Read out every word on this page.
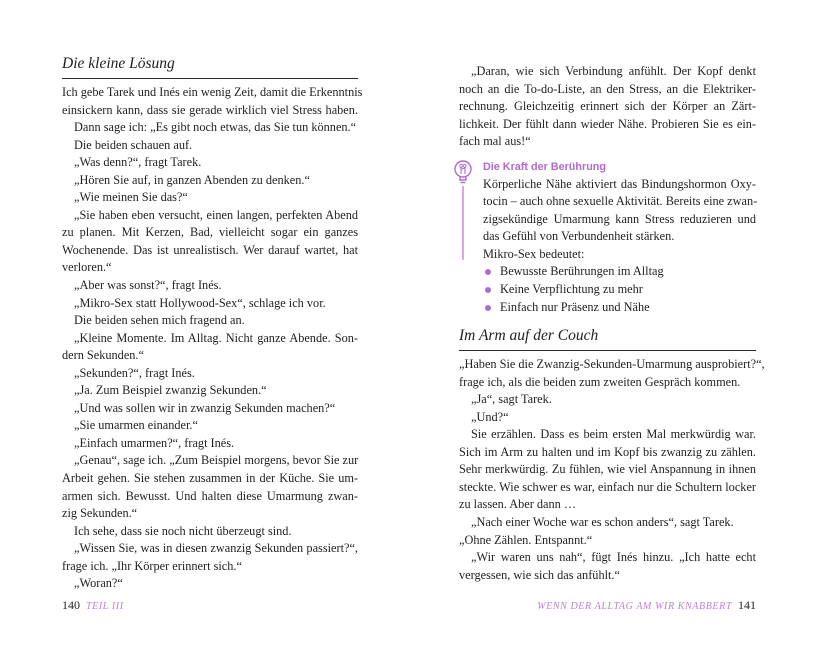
Die kleine Lösung
Ich gebe Tarek und Inés ein wenig Zeit, damit die Erkenntnis
einsickern kann, dass sie gerade wirklich viel Stress haben.
Dann sage ich: „Es gibt noch etwas, das Sie tun können.“
Die beiden schauen auf.
„Was denn?“, fragt Tarek.
„Hören Sie auf, in ganzen Abenden zu denken.“
„Wie meinen Sie das?“
„Sie haben eben versucht, einen langen, perfekten Abend
zu planen. Mit Kerzen, Bad, vielleicht sogar ein ganzes
Wochenende. Das ist unrealistisch. Wer darauf wartet, hat
verloren.“
„Aber was sonst?“, fragt Inés.
„Mikro-Sex statt Hollywood-Sex“, schlage ich vor.
Die beiden sehen mich fragend an.
„Kleine Momente. Im Alltag. Nicht ganze Abende. Son-
dern Sekunden.“
„Sekunden?“, fragt Inés.
„Ja. Zum Beispiel zwanzig Sekunden.“
„Und was sollen wir in zwanzig Sekunden machen?“
„Sie umarmen einander.“
„Einfach umarmen?“, fragt Inés.
„Genau“, sage ich. „Zum Beispiel morgens, bevor Sie zur
Arbeit gehen. Sie stehen zusammen in der Küche. Sie um-
armen sich. Bewusst. Und halten diese Umarmung zwan-
zig Sekunden.“
Ich sehe, dass sie noch nicht überzeugt sind.
„Wissen Sie, was in diesen zwanzig Sekunden passiert?“,
frage ich. „Ihr Körper erinnert sich.“
„Woran?“
140 TEIL III
„Daran, wie sich Verbindung anfühlt. Der Kopf denkt
noch an die To-do-Liste, an den Stress, an die Elektriker-
rechnung. Gleichzeitig erinnert sich der Körper an Zärt-
lichkeit. Der fühlt dann wieder Nähe. Probieren Sie es ein-
fach mal aus!“
Die Kraft der Berührung
Körperliche Nähe aktiviert das Bindungshormon Oxy-
tocin – auch ohne sexuelle Aktivität. Bereits eine zwan-
zigsekündige Umarmung kann Stress reduzieren und
das Gefühl von Verbundenheit stärken.
Mikro-Sex bedeutet:
Bewusste Berührungen im Alltag
Keine Verpflichtung zu mehr
Einfach nur Präsenz und Nähe
Im Arm auf der Couch
„Haben Sie die Zwanzig-Sekunden-Umarmung ausprobiert?“,
frage ich, als die beiden zum zweiten Gespräch kommen.
„Ja“, sagt Tarek.
„Und?“
Sie erzählen. Dass es beim ersten Mal merkwürdig war.
Sich im Arm zu halten und im Kopf bis zwanzig zu zählen.
Sehr merkwürdig. Zu fühlen, wie viel Anspannung in ihnen
steckte. Wie schwer es war, einfach nur die Schultern locker
zu lassen. Aber dann …
„Nach einer Woche war es schon anders“, sagt Tarek.
„Ohne Zählen. Entspannt.“
„Wir waren uns nah“, fügt Inés hinzu. „Ich hatte echt
vergessen, wie sich das anfühlt.“
WENN DER ALLTAG AM WIR KNABBERT 141
